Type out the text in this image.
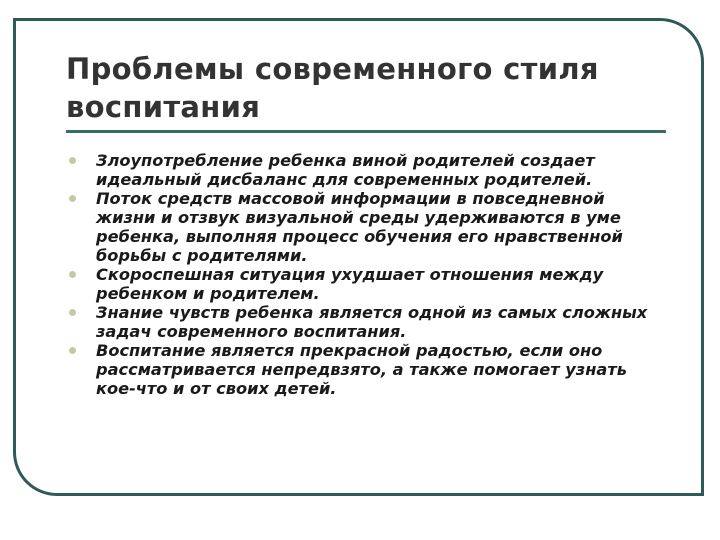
Проблемы современного стиля воспитания
Злоупотребление ребенка виной родителей создает идеальный дисбаланс для современных родителей.
Поток средств массовой информации в повседневной жизни и отзвук визуальной среды удерживаются в уме ребенка, выполняя процесс обучения его нравственной борьбы с родителями.
Скороспешная ситуация ухудшает отношения между ребенком и родителем.
Знание чувств ребенка является одной из самых сложных задач современного воспитания.
Воспитание является прекрасной радостью, если оно рассматривается непредвзято, а также помогает узнать кое-что и от своих детей.
